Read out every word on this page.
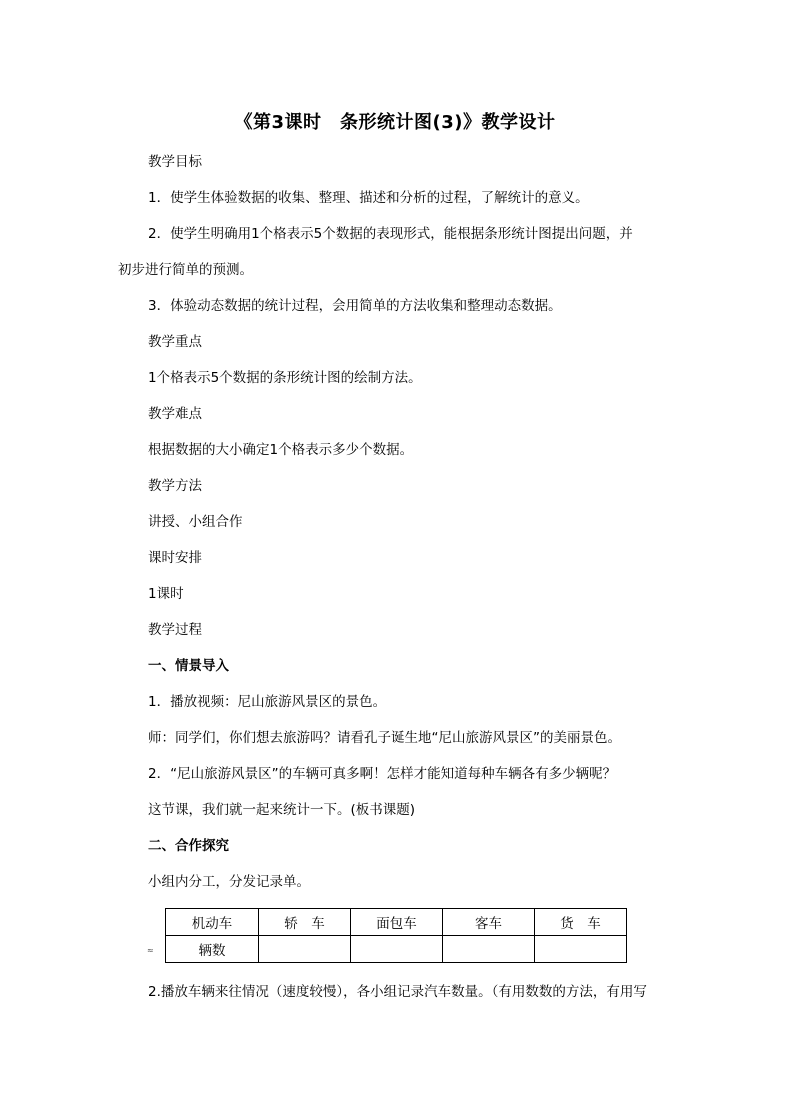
《第3课时　条形统计图(3)》教学设计
教学目标
1．使学生体验数据的收集、整理、描述和分析的过程，了解统计的意义。
2．使学生明确用1个格表示5个数据的表现形式，能根据条形统计图提出问题，并
初步进行简单的预测。
3．体验动态数据的统计过程，会用简单的方法收集和整理动态数据。
教学重点
1个格表示5个数据的条形统计图的绘制方法。
教学难点
根据数据的大小确定1个格表示多少个数据。
教学方法
讲授、小组合作
课时安排
1课时
教学过程
一、情景导入
1．播放视频：尼山旅游风景区的景色。
师：同学们，你们想去旅游吗？请看孔子诞生地“尼山旅游风景区”的美丽景色。
2．“尼山旅游风景区”的车辆可真多啊！怎样才能知道每种车辆各有多少辆呢？
这节课，我们就一起来统计一下。(板书课题)
二、合作探究
小组内分工，分发记录单。
机动车	轿　车	面包车	客车	货　车
辆数				
≈
2.播放车辆来往情况（速度较慢），各小组记录汽车数量。（有用数数的方法，有用写
